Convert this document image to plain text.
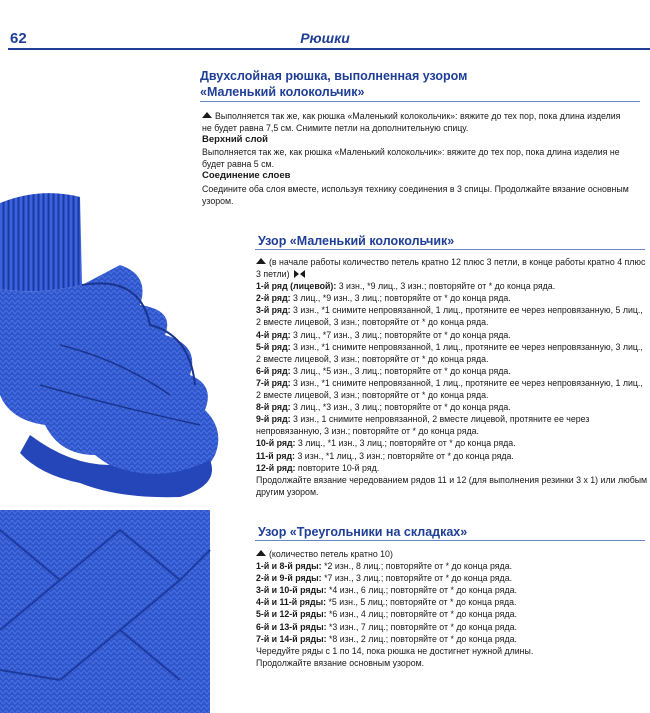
62	Рюшки
Двухслойная рюшка, выполненная узором
«Маленький колокольчик»

Выполняется так же, как рюшка «Маленький колокольчик»: вяжите до тех пор, пока длина изделия не будет равна 7,5 см. Снимите петли на дополнительную спицу.

Верхний слой

Выполняется так же, как рюшка «Маленький колокольчик»: вяжите до тех пор, пока длина изделия не будет равна 5 см.

Соединение слоев

Соедините оба слоя вместе, используя технику соединения в 3 спицы. Продолжайте вязание основным узором.

Узор «Маленький колокольчик»

(в начале работы количество петель кратно 12 плюс 3 петли, в конце работы кратно 4 плюс 3 петли)

1-й ряд (лицевой): 3 изн., *9 лиц., 3 изн.; повторяйте от * до конца ряда.

2-й ряд: 3 лиц., *9 изн., 3 лиц.; повторяйте от * до конца ряда.

3-й ряд: 3 изн., *1 снимите непровязанной, 1 лиц., протяните ее через непровязанную, 5 лиц., 2 вместе лицевой, 3 изн.; повторяйте от * до конца ряда.

4-й ряд: 3 лиц., *7 изн., 3 лиц.; повторяйте от * до конца ряда.

5-й ряд: 3 изн., *1 снимите непровязанной, 1 лиц., протяните ее через непровязанную, 3 лиц., 2 вместе лицевой, 3 изн.; повторяйте от * до конца ряда.

6-й ряд: 3 лиц., *5 изн., 3 лиц.; повторяйте от * до конца ряда.

7-й ряд: 3 изн., *1 снимите непровязанной, 1 лиц., протяните ее через непровязанную, 1 лиц., 2 вместе лицевой, 3 изн.; повторяйте от * до конца ряда.

8-й ряд: 3 лиц., *3 изн., 3 лиц.; повторяйте от * до конца ряда.

9-й ряд: 3 изн., 1 снимите непровязанной, 2 вместе лицевой, протяните ее через непровязанную, 3 изн.; повторяйте от * до конца ряда.

10-й ряд: 3 лиц., *1 изн., 3 лиц.; повторяйте от * до конца ряда.

11-й ряд: 3 изн., *1 лиц., 3 изн.; повторяйте от * до конца ряда.

12-й ряд: повторите 10-й ряд.

Продолжайте вязание чередованием рядов 11 и 12 (для выполнения резинки 3 х 1) или любым другим узором.

Узор «Треугольники на складках»

(количество петель кратно 10)

1-й и 8-й ряды: *2 изн., 8 лиц.; повторяйте от * до конца ряда.

2-й и 9-й ряды: *7 изн., 3 лиц.; повторяйте от * до конца ряда.

3-й и 10-й ряды: *4 изн., 6 лиц.; повторяйте от * до конца ряда.

4-й и 11-й ряды: *5 изн., 5 лиц.; повторяйте от * до конца ряда.

5-й и 12-й ряды: *6 изн., 4 лиц.; повторяйте от * до конца ряда.

6-й и 13-й ряды: *3 изн., 7 лиц.; повторяйте от * до конца ряда.

7-й и 14-й ряды: *8 изн., 2 лиц.; повторяйте от * до конца ряда.

Чередуйте ряды с 1 по 14, пока рюшка не достигнет нужной длины.

Продолжайте вязание основным узором.
